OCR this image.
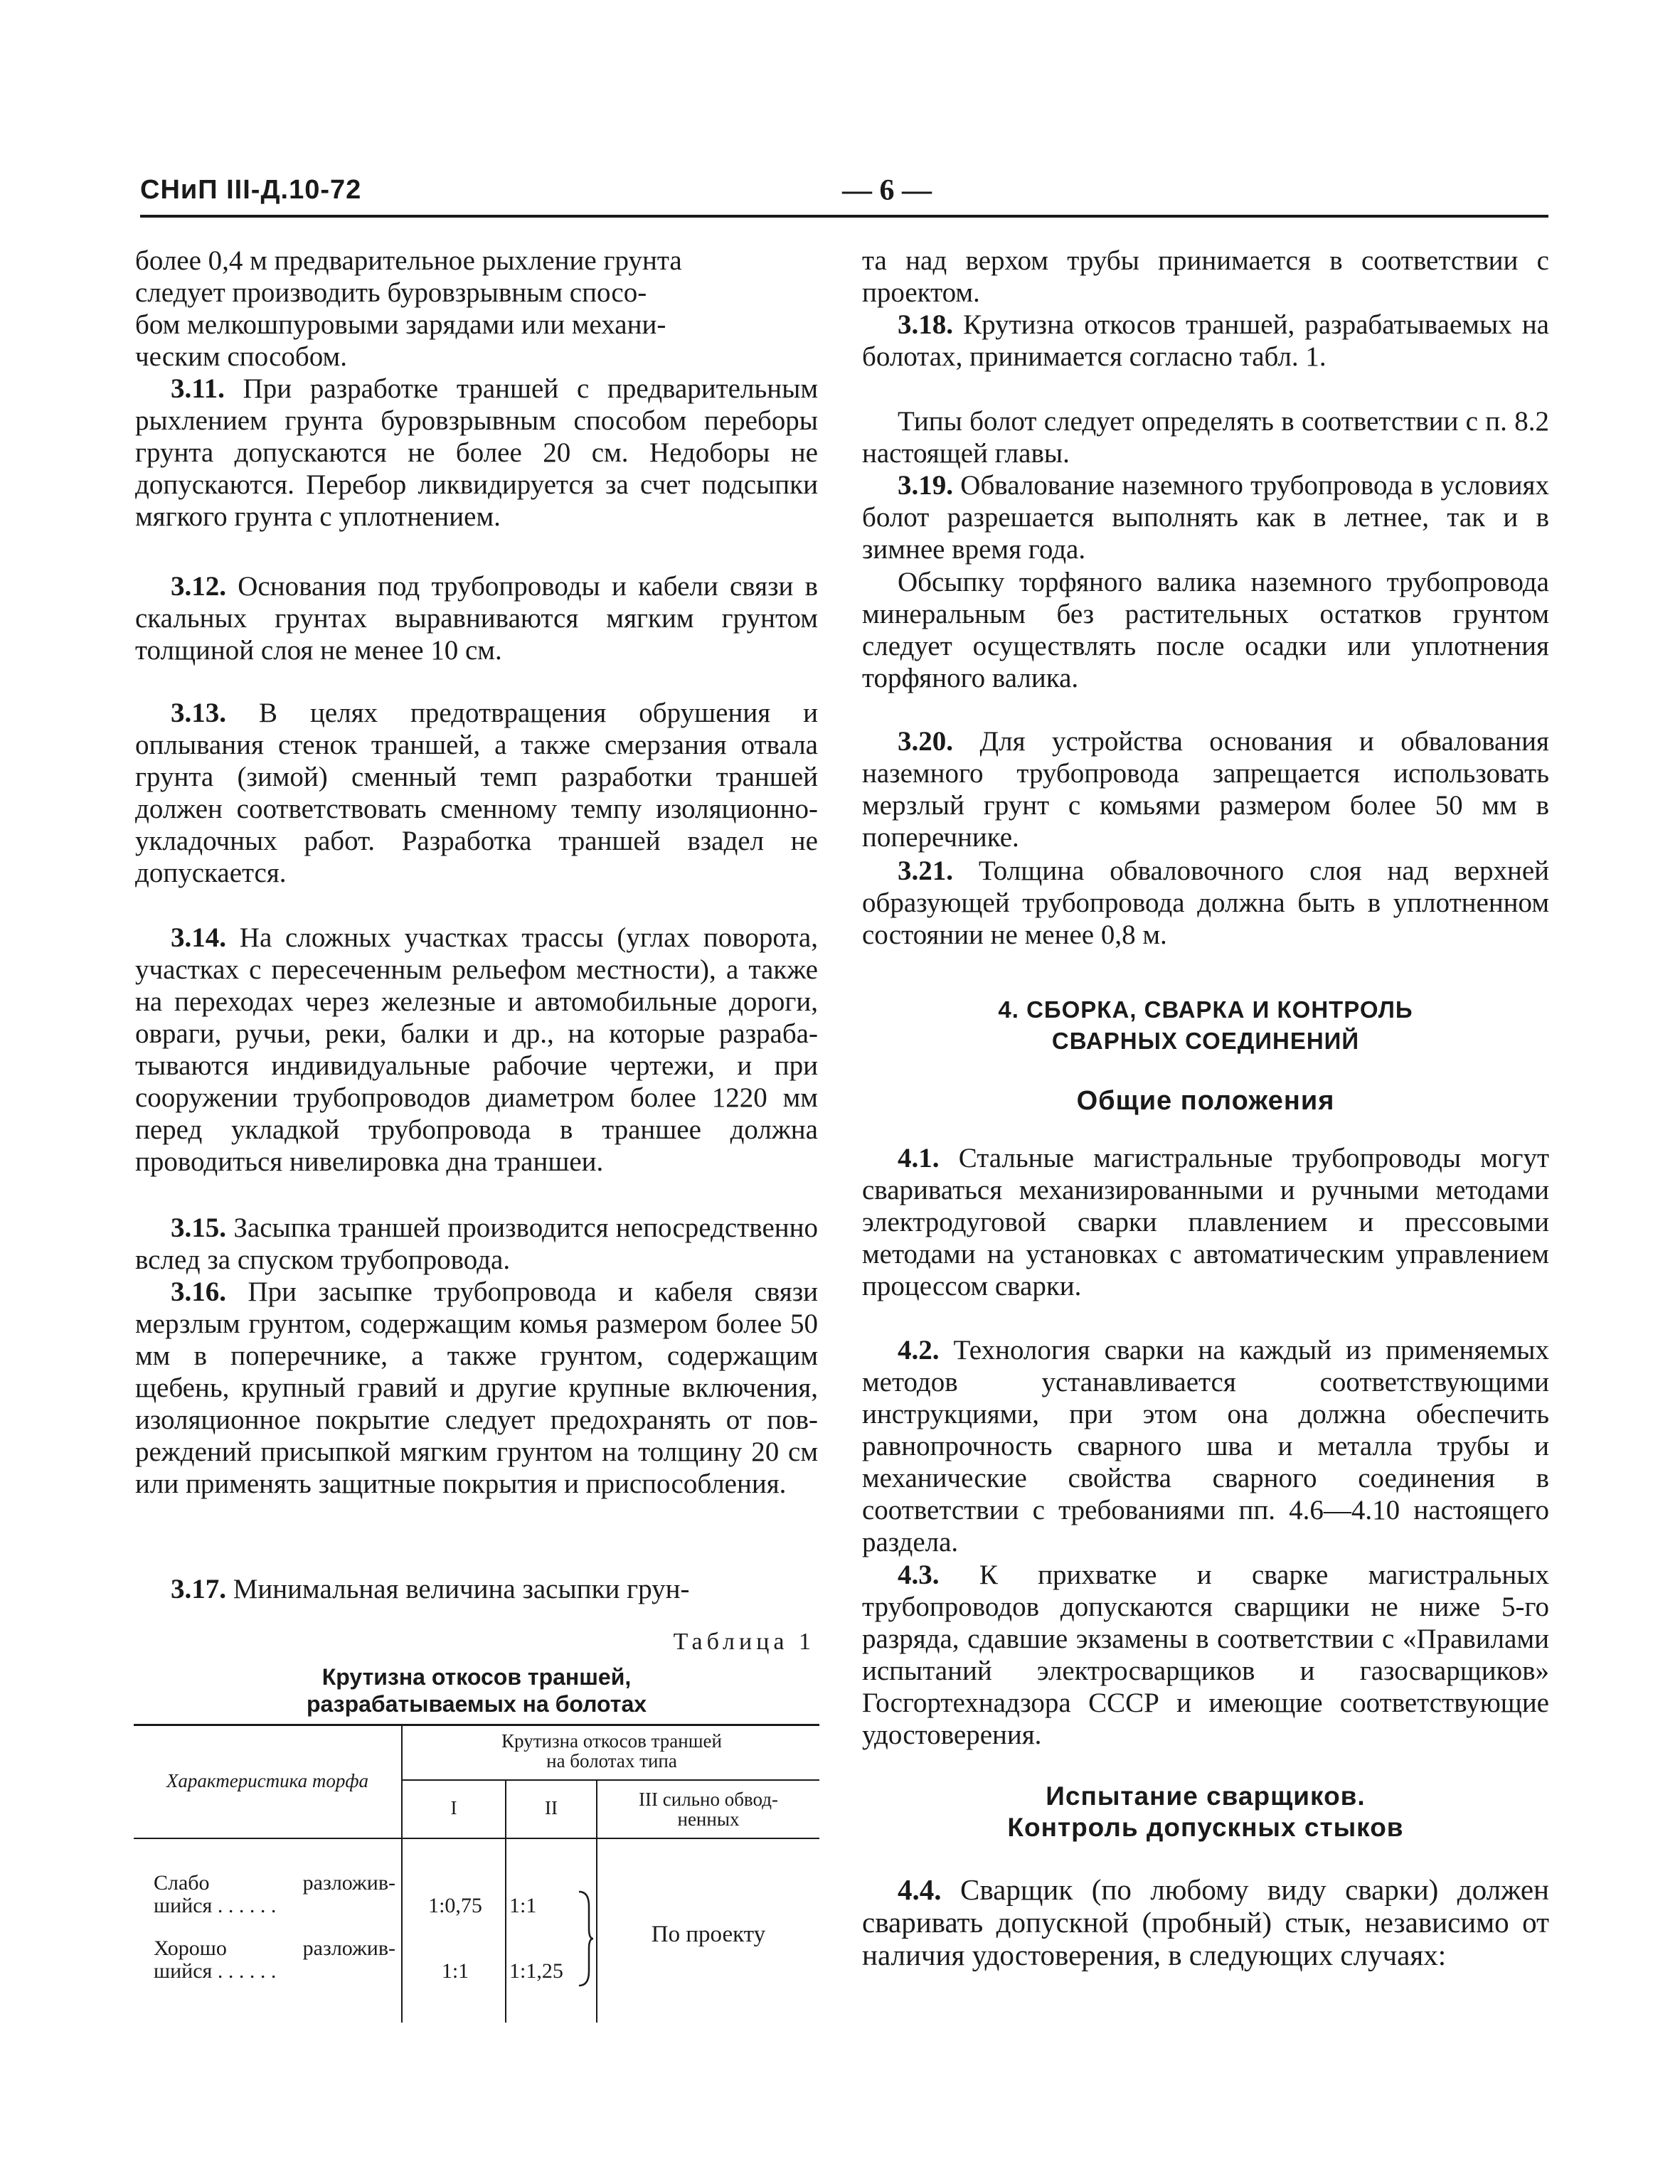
СНиП III-Д.10-72	— 6 —

более 0,4 м предварительное рыхление грунта

следует производить буровзрывным спосо-

бом мелкошпуровыми зарядами или механи-

ческим способом.

3.11. При разработке траншей с предварительным рыхлением грунта буровзрывным способом переборы грунта допускаются не более 20 см. Недоборы не допускаются. Перебор ликвидируется за счет подсыпки мягкого грунта с уплотнением.

3.12. Основания под трубопроводы и кабели связи в скальных грунтах выравниваются мягким грунтом толщиной слоя не менее 10 см.

3.13. В целях предотвращения обрушения и оплывания стенок траншей, а также смерзания отвала грунта (зимой) сменный темп разработки траншей должен соответствовать сменному темпу изоляционно-укладочных работ. Разработка траншей взадел не допускается.

3.14. На сложных участках трассы (углах поворота, участках с пересеченным рельефом местности), а также на переходах через железные и автомобильные дороги, овраги, ручьи, реки, балки и др., на которые разрабатываются индивидуальные рабочие чертежи, и при сооружении трубопроводов диаметром более 1220 мм перед укладкой трубопровода в траншее должна проводиться нивелировка дна траншеи.

3.15. Засыпка траншей производится непосредственно вслед за спуском трубопровода.

3.16. При засыпке трубопровода и кабеля связи мерзлым грунтом, содержащим комья размером более 50 мм в поперечнике, а также грунтом, содержащим щебень, крупный гравий и другие крупные включения, изоляционное покрытие следует предохранять от повреждений присыпкой мягким грунтом на толщину 20 см или применять защитные покрытия и приспособления.

3.17. Минимальная величина засыпки грун-

Таблица 1
Крутизна откосов траншей,
разрабатываемых на болотах
Характеристика торфа
Крутизна откосов траншей
на болотах типа
I	II	III сильно обвод-
ненных
Слабо разложив-
шийся . . . . . .	1:0,75	1:1
Хорошо разложив-
шийся . . . . . .	1:1	1:1,25
По проекту

та над верхом трубы принимается в соответствии с проектом.

3.18. Крутизна откосов траншей, разрабатываемых на болотах, принимается согласно табл. 1.

Типы болот следует определять в соответствии с п. 8.2 настоящей главы.

3.19. Обвалование наземного трубопровода в условиях болот разрешается выполнять как в летнее, так и в зимнее время года.

Обсыпку торфяного валика наземного трубопровода минеральным без растительных остатков грунтом следует осуществлять после осадки или уплотнения торфяного валика.

3.20. Для устройства основания и обвалования наземного трубопровода запрещается использовать мерзлый грунт с комьями размером более 50 мм в поперечнике.

3.21. Толщина обваловочного слоя над верхней образующей трубопровода должна быть в уплотненном состоянии не менее 0,8 м.

4. СБОРКА, СВАРКА И КОНТРОЛЬ
СВАРНЫХ СОЕДИНЕНИЙ
Общие положения

4.1. Стальные магистральные трубопроводы могут свариваться механизированными и ручными методами электродуговой сварки плавлением и прессовыми методами на установках с автоматическим управлением процессом сварки.

4.2. Технология сварки на каждый из применяемых методов устанавливается соответствующими инструкциями, при этом она должна обеспечить равнопрочность сварного шва и металла трубы и механические свойства сварного соединения в соответствии с требованиями пп. 4.6—4.10 настоящего раздела.

4.3. К прихватке и сварке магистральных трубопроводов допускаются сварщики не ниже 5-го разряда, сдавшие экзамены в соответствии с «Правилами испытаний электросварщиков и газосварщиков» Госгортехнадзора СССР и имеющие соответствующие удостоверения.

Испытание сварщиков.
Контроль допускных стыков

4.4. Сварщик (по любому виду сварки) должен сваривать допускной (пробный) стык, независимо от наличия удостоверения, в следующих случаях:
